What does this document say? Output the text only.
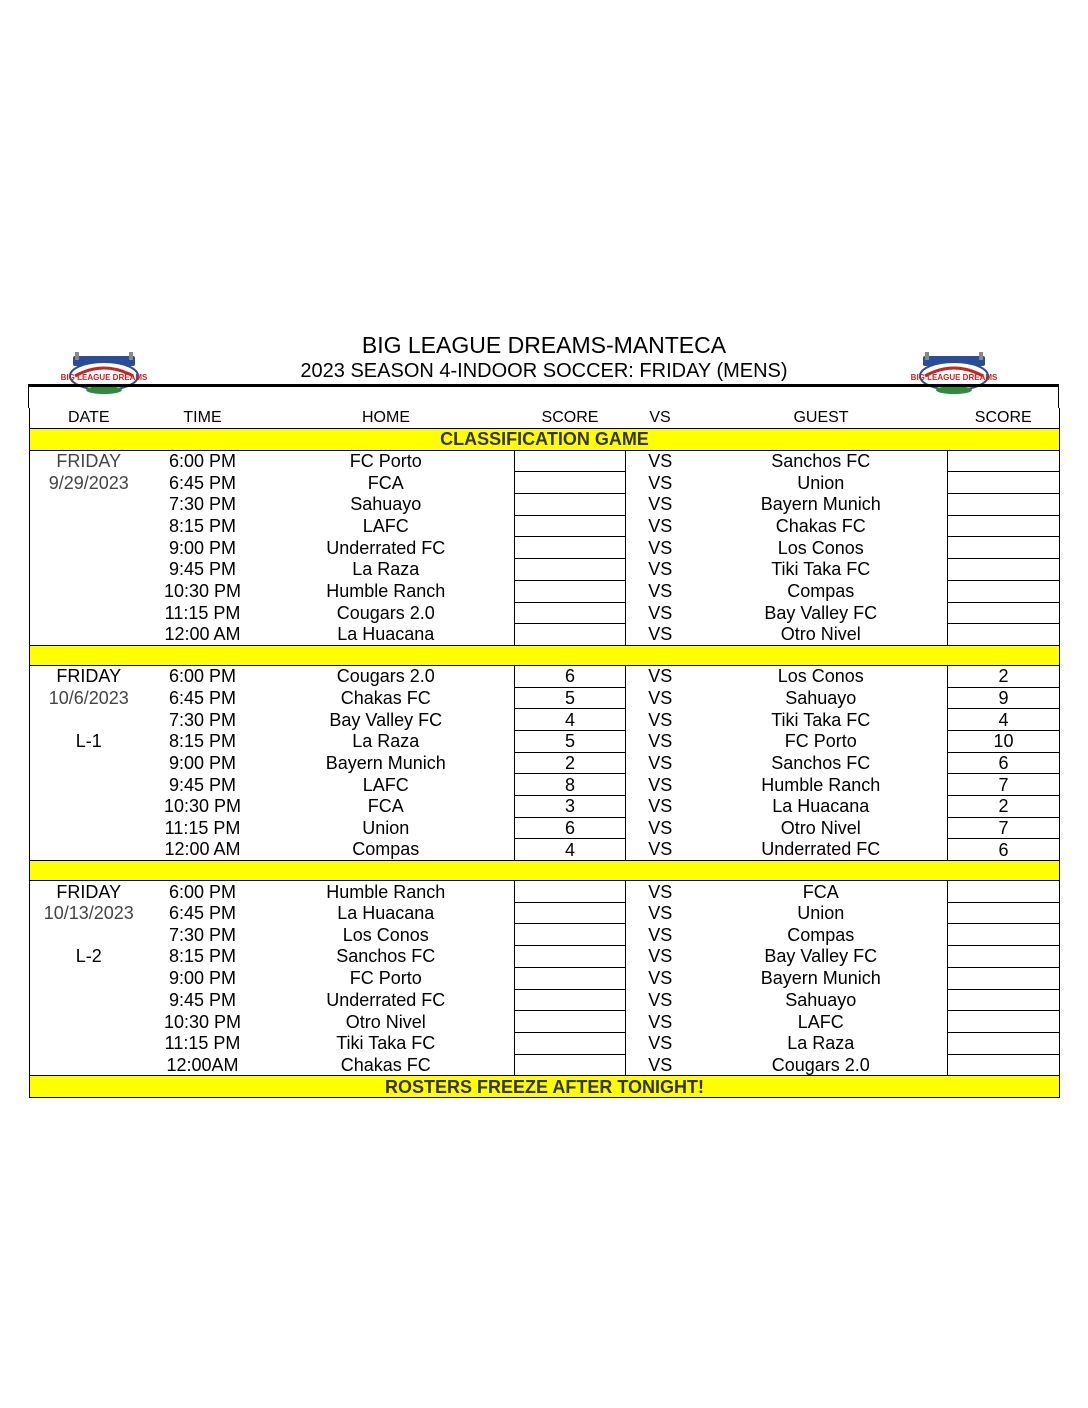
BIG LEAGUE DREAMS-MANTECA
2023 SEASON 4-INDOOR SOCCER: FRIDAY (MENS)
BIG LEAGUE DREAMS	BIG LEAGUE DREAMS
DATE	TIME	HOME	SCORE	VS	GUEST	SCORE
CLASSIFICATION GAME						
FRIDAY	6:00 PM	FC Porto		VS	Sanchos FC	
9/29/2023	6:45 PM	FCA		VS	Union	
	7:30 PM	Sahuayo		VS	Bayern Munich	
	8:15 PM	LAFC		VS	Chakas FC	
	9:00 PM	Underrated FC		VS	Los Conos	
	9:45 PM	La Raza		VS	Tiki Taka FC	
	10:30 PM	Humble Ranch		VS	Compas	
	11:15 PM	Cougars 2.0		VS	Bay Valley FC	
	12:00 AM	La Huacana		VS	Otro Nivel	

FRIDAY	6:00 PM	Cougars 2.0	6	VS	Los Conos	2
10/6/2023	6:45 PM	Chakas FC	5	VS	Sahuayo	9
	7:30 PM	Bay Valley FC	4	VS	Tiki Taka FC	4
L-1	8:15 PM	La Raza	5	VS	FC Porto	10
	9:00 PM	Bayern Munich	2	VS	Sanchos FC	6
	9:45 PM	LAFC	8	VS	Humble Ranch	7
	10:30 PM	FCA	3	VS	La Huacana	2
	11:15 PM	Union	6	VS	Otro Nivel	7
	12:00 AM	Compas	4	VS	Underrated FC	6

FRIDAY	6:00 PM	Humble Ranch		VS	FCA	
10/13/2023	6:45 PM	La Huacana		VS	Union	
	7:30 PM	Los Conos		VS	Compas	
L-2	8:15 PM	Sanchos FC		VS	Bay Valley FC	
	9:00 PM	FC Porto		VS	Bayern Munich	
	9:45 PM	Underrated FC		VS	Sahuayo	
	10:30 PM	Otro Nivel		VS	LAFC	
	11:15 PM	Tiki Taka FC		VS	La Raza	
	12:00AM	Chakas FC		VS	Cougars 2.0	
ROSTERS FREEZE AFTER TONIGHT!						
